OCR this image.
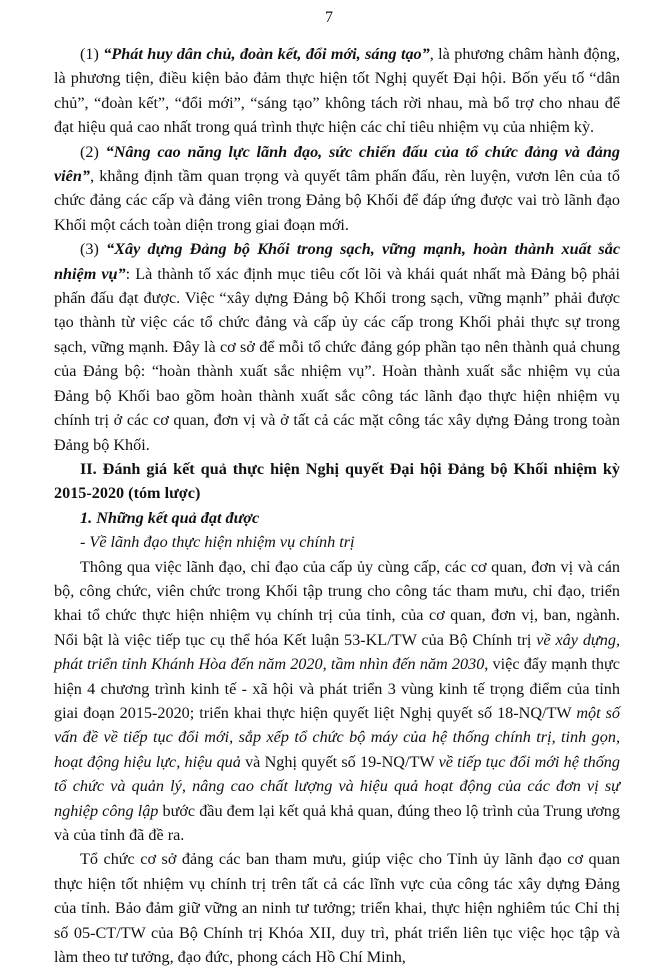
7

(1) “Phát huy dân chủ, đoàn kết, đổi mới, sáng tạo”, là phương châm hành động, là phương tiện, điều kiện bảo đảm thực hiện tốt Nghị quyết Đại hội. Bốn yếu tố “dân chủ”, “đoàn kết”, “đổi mới”, “sáng tạo” không tách rời nhau, mà bổ trợ cho nhau để đạt hiệu quả cao nhất trong quá trình thực hiện các chỉ tiêu nhiệm vụ của nhiệm kỳ.

(2) “Nâng cao năng lực lãnh đạo, sức chiến đấu của tổ chức đảng và đảng viên”, khẳng định tầm quan trọng và quyết tâm phấn đấu, rèn luyện, vươn lên của tổ chức đảng các cấp và đảng viên trong Đảng bộ Khối để đáp ứng được vai trò lãnh đạo Khối một cách toàn diện trong giai đoạn mới.

(3) “Xây dựng Đảng bộ Khối trong sạch, vững mạnh, hoàn thành xuất sắc nhiệm vụ”: Là thành tố xác định mục tiêu cốt lõi và khái quát nhất mà Đảng bộ phải phấn đấu đạt được. Việc “xây dựng Đảng bộ Khối trong sạch, vững mạnh” phải được tạo thành từ việc các tổ chức đảng và cấp ủy các cấp trong Khối phải thực sự trong sạch, vững mạnh. Đây là cơ sở để mỗi tổ chức đảng góp phần tạo nên thành quả chung của Đảng bộ: “hoàn thành xuất sắc nhiệm vụ”. Hoàn thành xuất sắc nhiệm vụ của Đảng bộ Khối bao gồm hoàn thành xuất sắc công tác lãnh đạo thực hiện nhiệm vụ chính trị ở các cơ quan, đơn vị và ở tất cả các mặt công tác xây dựng Đảng trong toàn Đảng bộ Khối.

II. Đánh giá kết quả thực hiện Nghị quyết Đại hội Đảng bộ Khối nhiệm kỳ 2015-2020 (tóm lược)

1. Những kết quả đạt được

- Về lãnh đạo thực hiện nhiệm vụ chính trị

Thông qua việc lãnh đạo, chỉ đạo của cấp ủy cùng cấp, các cơ quan, đơn vị và cán bộ, công chức, viên chức trong Khối tập trung cho công tác tham mưu, chỉ đạo, triển khai tổ chức thực hiện nhiệm vụ chính trị của tỉnh, của cơ quan, đơn vị, ban, ngành. Nổi bật là việc tiếp tục cụ thể hóa Kết luận 53-KL/TW của Bộ Chính trị về xây dựng, phát triển tỉnh Khánh Hòa đến năm 2020, tầm nhìn đến năm 2030, việc đẩy mạnh thực hiện 4 chương trình kinh tế - xã hội và phát triển 3 vùng kinh tế trọng điểm của tỉnh giai đoạn 2015-2020; triển khai thực hiện quyết liệt Nghị quyết số 18-NQ/TW một số vấn đề về tiếp tục đổi mới, sắp xếp tổ chức bộ máy của hệ thống chính trị, tinh gọn, hoạt động hiệu lực, hiệu quả và Nghị quyết số 19-NQ/TW về tiếp tục đổi mới hệ thống tổ chức và quản lý, nâng cao chất lượng và hiệu quả hoạt động của các đơn vị sự nghiệp công lập bước đầu đem lại kết quả khả quan, đúng theo lộ trình của Trung ương và của tỉnh đã đề ra.

Tổ chức cơ sở đảng các ban tham mưu, giúp việc cho Tỉnh ủy lãnh đạo cơ quan thực hiện tốt nhiệm vụ chính trị trên tất cả các lĩnh vực của công tác xây dựng Đảng của tỉnh. Bảo đảm giữ vững an ninh tư tưởng; triển khai, thực hiện nghiêm túc Chỉ thị số 05-CT/TW của Bộ Chính trị Khóa XII, duy trì, phát triển liên tục việc học tập và làm theo tư tưởng, đạo đức, phong cách Hồ Chí Minh,
